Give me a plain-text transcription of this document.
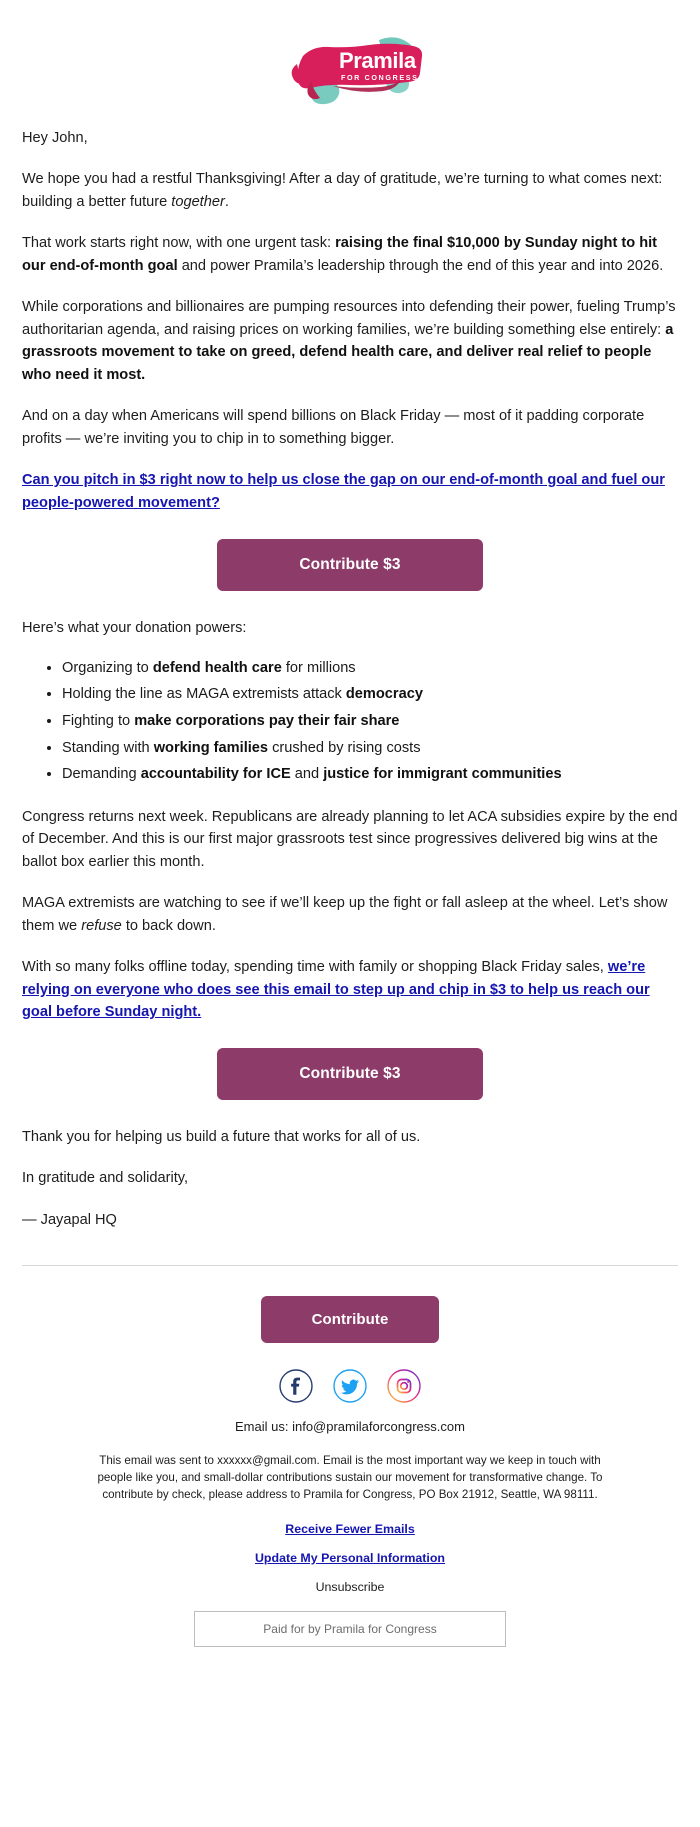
Pramila
FOR CONGRESS

Hey John,

We hope you had a restful Thanksgiving! After a day of gratitude, we’re turning to what comes next: building a better future together.

That work starts right now, with one urgent task: raising the final $10,000 by Sunday night to hit our end-of-month goal and power Pramila’s leadership through the end of this year and into 2026.

While corporations and billionaires are pumping resources into defending their power, fueling Trump’s authoritarian agenda, and raising prices on working families, we’re building something else entirely: a grassroots movement to take on greed, defend health care, and deliver real relief to people who need it most.

And on a day when Americans will spend billions on Black Friday — most of it padding corporate profits — we’re inviting you to chip in to something bigger.

Can you pitch in $3 right now to help us close the gap on our end-of-month goal and fuel our people-powered movement?

Contribute $3

Here’s what your donation powers:

• Organizing to defend health care for millions
• Holding the line as MAGA extremists attack democracy
• Fighting to make corporations pay their fair share
• Standing with working families crushed by rising costs
• Demanding accountability for ICE and justice for immigrant communities

Congress returns next week. Republicans are already planning to let ACA subsidies expire by the end of December. And this is our first major grassroots test since progressives delivered big wins at the ballot box earlier this month.

MAGA extremists are watching to see if we’ll keep up the fight or fall asleep at the wheel. Let’s show them we refuse to back down.

With so many folks offline today, spending time with family or shopping Black Friday sales, we’re relying on everyone who does see this email to step up and chip in $3 to help us reach our goal before Sunday night.

Contribute $3

Thank you for helping us build a future that works for all of us.

In gratitude and solidarity,

— Jayapal HQ

Contribute

Email us: info@pramilaforcongress.com
This email was sent to xxxxxx@gmail.com. Email is the most important way we keep in touch with people like you, and small-dollar contributions sustain our movement for transformative change. To contribute by check, please address to Pramila for Congress, PO Box 21912, Seattle, WA 98111.
Receive Fewer Emails
Update My Personal Information
Unsubscribe
Paid for by Pramila for Congress
